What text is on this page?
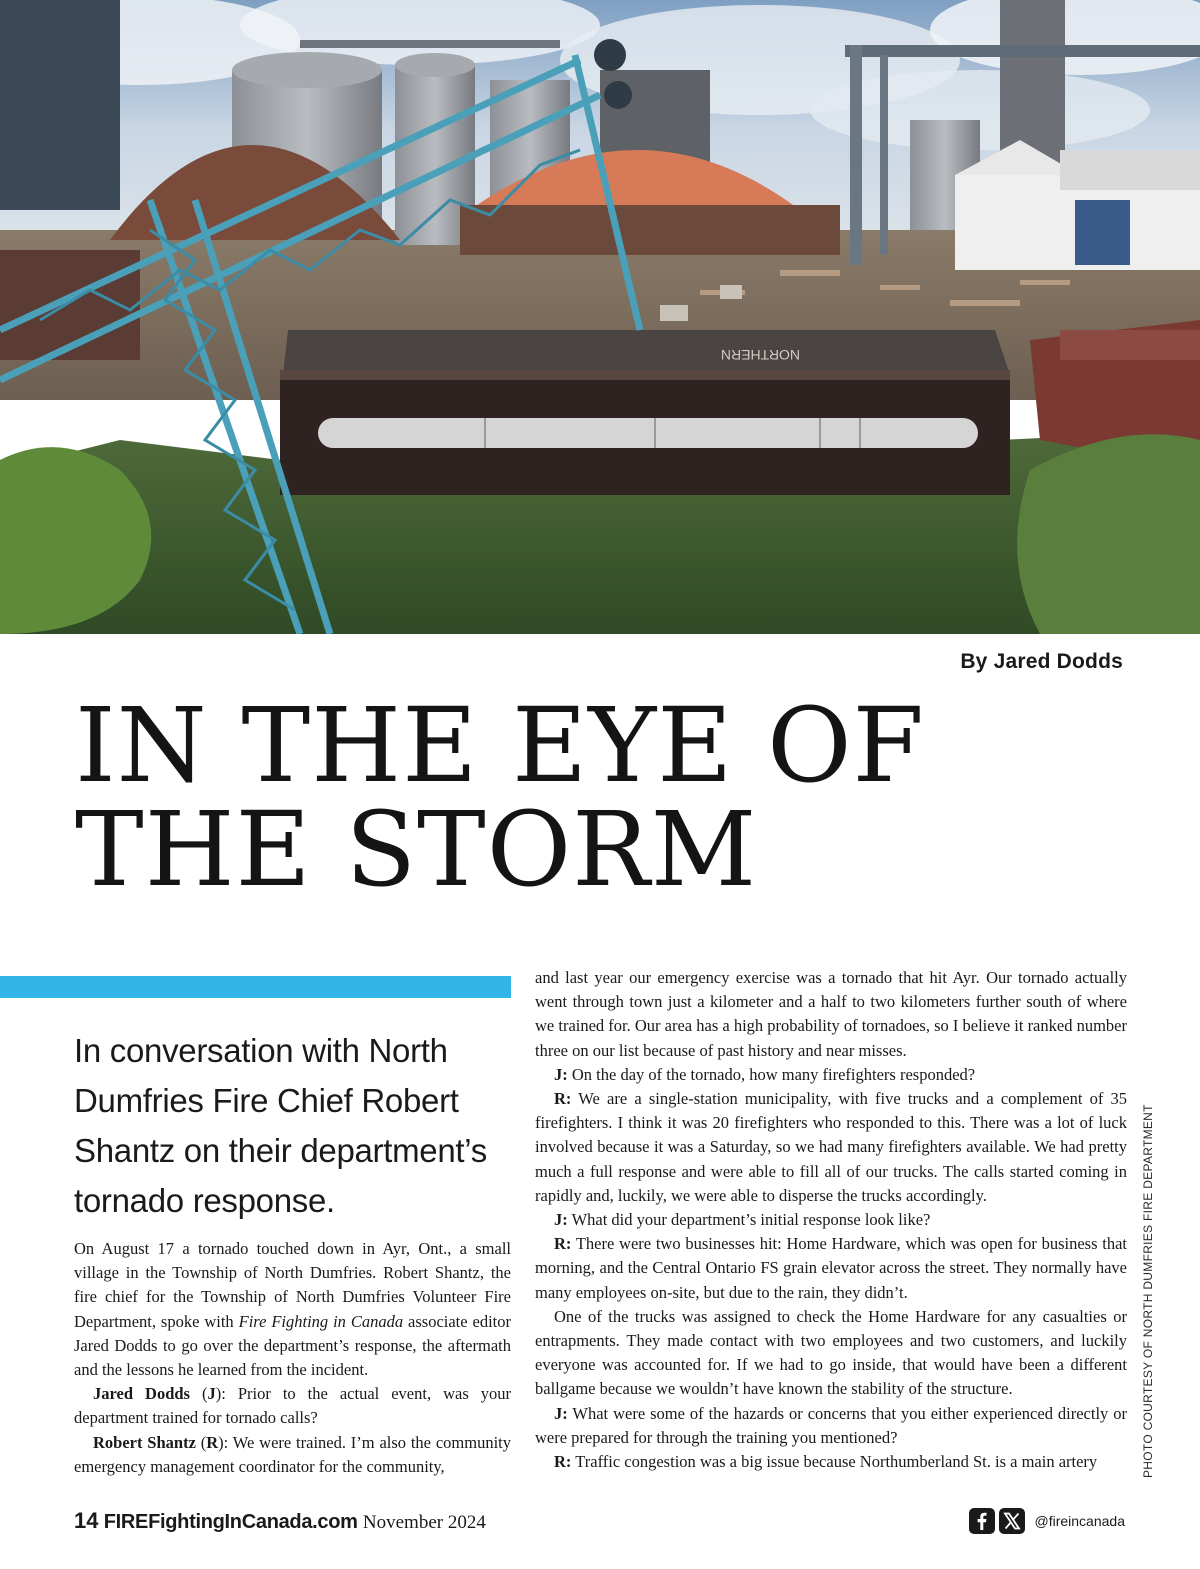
NORTHERN
PHOTO COURTESY OF NORTH DUMFRIES FIRE DEPARTMENT
By Jared Dodds
IN THE EYE OF
THE STORM
In conversation with North Dumfries Fire Chief Robert Shantz on their department’s tornado response.

On August 17 a tornado touched down in Ayr, Ont., a small village in the Township of North Dumfries. Robert Shantz, the fire chief for the Township of North Dumfries Volunteer Fire Department, spoke with Fire Fighting in Canada associate editor Jared Dodds to go over the department’s response, the aftermath and the lessons he learned from the incident.

Jared Dodds (J): Prior to the actual event, was your department trained for tornado calls?

Robert Shantz (R): We were trained. I’m also the community emergency management coordinator for the community,

and last year our emergency exercise was a tornado that hit Ayr. Our tornado actually went through town just a kilometer and a half to two kilometers further south of where we trained for. Our area has a high probability of tornadoes, so I believe it ranked number three on our list because of past history and near misses.

J: On the day of the tornado, how many firefighters responded?

R: We are a single-station municipality, with five trucks and a complement of 35 firefighters. I think it was 20 firefighters who responded to this. There was a lot of luck involved because it was a Saturday, so we had many firefighters available. We had pretty much a full response and were able to fill all of our trucks. The calls started coming in rapidly and, luckily, we were able to disperse the trucks accordingly.

J: What did your department’s initial response look like?

R: There were two businesses hit: Home Hardware, which was open for business that morning, and the Central Ontario FS grain elevator across the street. They normally have many employees on-site, but due to the rain, they didn’t.

One of the trucks was assigned to check the Home Hardware for any casualties or entrapments. They made contact with two employees and two customers, and luckily everyone was accounted for. If we had to go inside, that would have been a different ballgame because we wouldn’t have known the stability of the structure.

J: What were some of the hazards or concerns that you either experienced directly or were prepared for through the training you mentioned?

R: Traffic congestion was a big issue because Northumberland St. is a main artery

14 FIREFightingInCanada.com November 2024	@fireincanada
